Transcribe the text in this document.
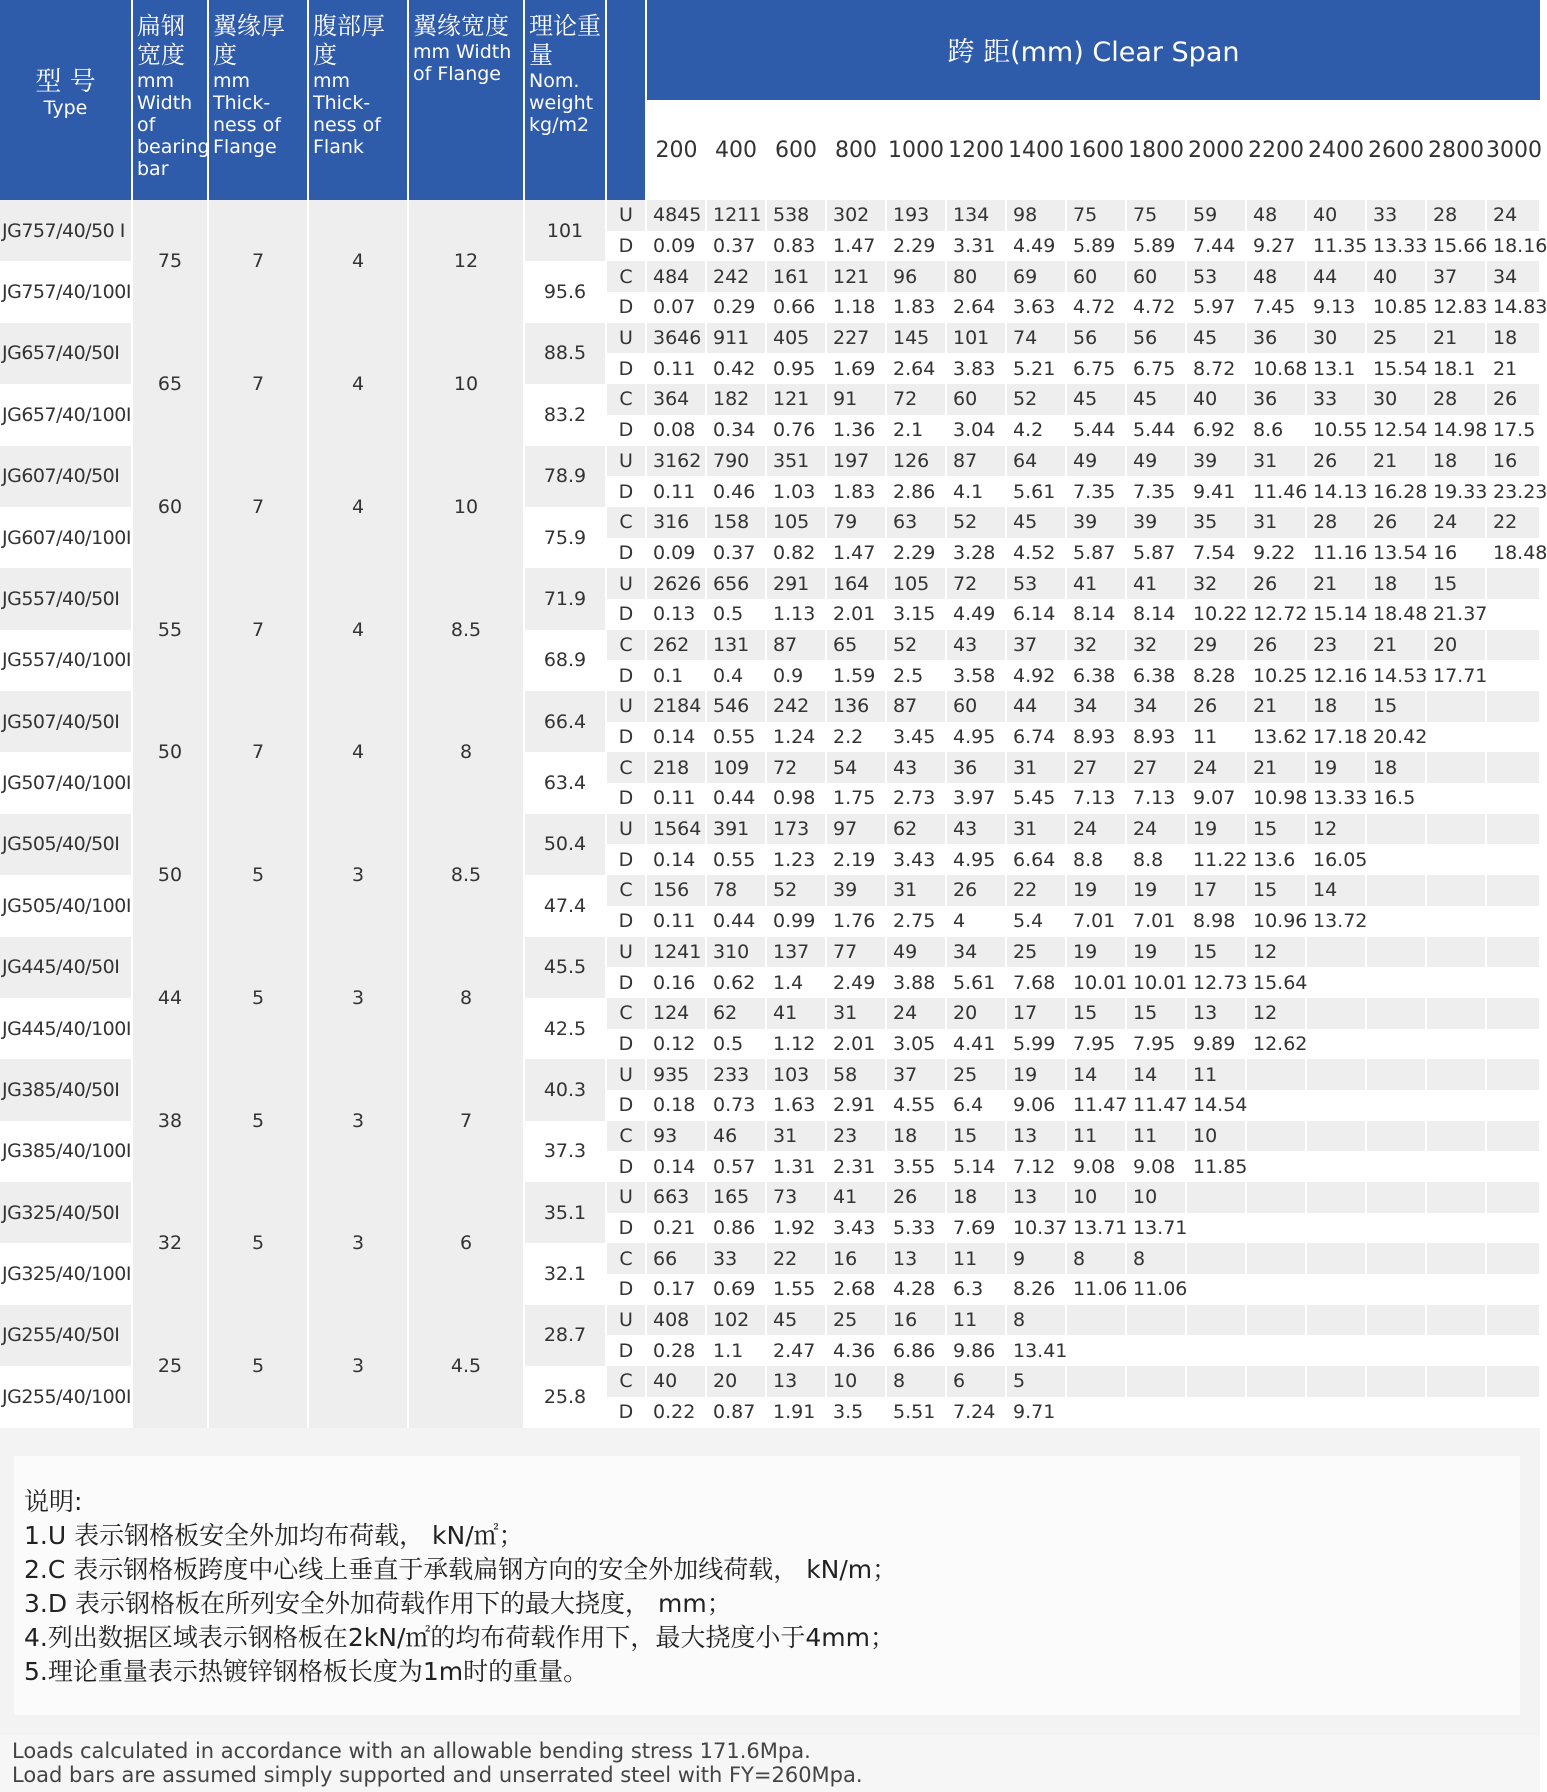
型 号
Type	扁钢宽度
mm Width of bearing bar	翼缘厚度
mm Thick-ness of Flange	腹部厚度
mm Thick-ness of Flank	翼缘宽度
mm Width of Flange	理论重量
Nom. weight kg/m2		跨 距(mm) Clear Span														

							200	400	600	800	1000	1200	1400	1600	1800	2000	2200	2400	2600	2800	3000
JG757/40/50 I	75	7	4	12	101	U	4845	1211	538	302	193	134	98	75	75	59	48	40	33	28	24
						D	0.09	0.37	0.83	1.47	2.29	3.31	4.49	5.89	5.89	7.44	9.27	11.35	13.33	15.66	18.16
JG757/40/100I					95.6	C	484	242	161	121	96	80	69	60	60	53	48	44	40	37	34
						D	0.07	0.29	0.66	1.18	1.83	2.64	3.63	4.72	4.72	5.97	7.45	9.13	10.85	12.83	14.83
JG657/40/50I	65	7	4	10	88.5	U	3646	911	405	227	145	101	74	56	56	45	36	30	25	21	18
						D	0.11	0.42	0.95	1.69	2.64	3.83	5.21	6.75	6.75	8.72	10.68	13.1	15.54	18.1	21
JG657/40/100I					83.2	C	364	182	121	91	72	60	52	45	45	40	36	33	30	28	26
						D	0.08	0.34	0.76	1.36	2.1	3.04	4.2	5.44	5.44	6.92	8.6	10.55	12.54	14.98	17.5
JG607/40/50I	60	7	4	10	78.9	U	3162	790	351	197	126	87	64	49	49	39	31	26	21	18	16
						D	0.11	0.46	1.03	1.83	2.86	4.1	5.61	7.35	7.35	9.41	11.46	14.13	16.28	19.33	23.23
JG607/40/100I					75.9	C	316	158	105	79	63	52	45	39	39	35	31	28	26	24	22
						D	0.09	0.37	0.82	1.47	2.29	3.28	4.52	5.87	5.87	7.54	9.22	11.16	13.54	16	18.48
JG557/40/50I	55	7	4	8.5	71.9	U	2626	656	291	164	105	72	53	41	41	32	26	21	18	15	
						D	0.13	0.5	1.13	2.01	3.15	4.49	6.14	8.14	8.14	10.22	12.72	15.14	18.48	21.37	
JG557/40/100I					68.9	C	262	131	87	65	52	43	37	32	32	29	26	23	21	20	
						D	0.1	0.4	0.9	1.59	2.5	3.58	4.92	6.38	6.38	8.28	10.25	12.16	14.53	17.71	
JG507/40/50I	50	7	4	8	66.4	U	2184	546	242	136	87	60	44	34	34	26	21	18	15		
						D	0.14	0.55	1.24	2.2	3.45	4.95	6.74	8.93	8.93	11	13.62	17.18	20.42		
JG507/40/100I					63.4	C	218	109	72	54	43	36	31	27	27	24	21	19	18		
						D	0.11	0.44	0.98	1.75	2.73	3.97	5.45	7.13	7.13	9.07	10.98	13.33	16.5		
JG505/40/50I	50	5	3	8.5	50.4	U	1564	391	173	97	62	43	31	24	24	19	15	12			
						D	0.14	0.55	1.23	2.19	3.43	4.95	6.64	8.8	8.8	11.22	13.6	16.05			
JG505/40/100I					47.4	C	156	78	52	39	31	26	22	19	19	17	15	14			
						D	0.11	0.44	0.99	1.76	2.75	4	5.4	7.01	7.01	8.98	10.96	13.72			
JG445/40/50I	44	5	3	8	45.5	U	1241	310	137	77	49	34	25	19	19	15	12				
						D	0.16	0.62	1.4	2.49	3.88	5.61	7.68	10.01	10.01	12.73	15.64				
JG445/40/100I					42.5	C	124	62	41	31	24	20	17	15	15	13	12				
						D	0.12	0.5	1.12	2.01	3.05	4.41	5.99	7.95	7.95	9.89	12.62				
JG385/40/50I	38	5	3	7	40.3	U	935	233	103	58	37	25	19	14	14	11					
						D	0.18	0.73	1.63	2.91	4.55	6.4	9.06	11.47	11.47	14.54					
JG385/40/100I					37.3	C	93	46	31	23	18	15	13	11	11	10					
						D	0.14	0.57	1.31	2.31	3.55	5.14	7.12	9.08	9.08	11.85					
JG325/40/50I	32	5	3	6	35.1	U	663	165	73	41	26	18	13	10	10						
						D	0.21	0.86	1.92	3.43	5.33	7.69	10.37	13.71	13.71						
JG325/40/100I					32.1	C	66	33	22	16	13	11	9	8	8						
						D	0.17	0.69	1.55	2.68	4.28	6.3	8.26	11.06	11.06						
JG255/40/50I	25	5	3	4.5	28.7	U	408	102	45	25	16	11	8								
						D	0.28	1.1	2.47	4.36	6.86	9.86	13.41								
JG255/40/100I					25.8	C	40	20	13	10	8	6	5								
						D	0.22	0.87	1.91	3.5	5.51	7.24	9.71								
说明:
1.U 表示钢格板安全外加均布荷载， kN/㎡；
2.C 表示钢格板跨度中心线上垂直于承载扁钢方向的安全外加线荷载， kN/m；
3.D 表示钢格板在所列安全外加荷载作用下的最大挠度， mm；
4.列出数据区域表示钢格板在2kN/㎡的均布荷载作用下，最大挠度小于4mm；
5.理论重量表示热镀锌钢格板长度为1m时的重量。
Loads calculated in accordance with an allowable bending stress 171.6Mpa.
Load bars are assumed simply supported and unserrated steel with FY=260Mpa.
